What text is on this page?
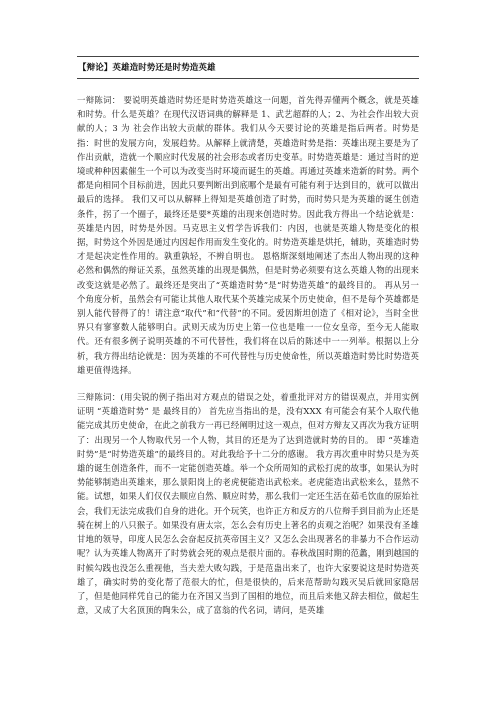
【辩论】英雄造时势还是时势造英雄

一辩陈词： 要说明英雄造时势还是时势造英雄这一问题，首先得弄懂两个概念，就是英雄和时势。什么是英雄？在现代汉语词典的解释是 1、武艺超群的人；2、为社会作出较大贡献的人；3 为 社会作出较大贡献的群体。我们从今天要讨论的英雄是指后两者。时势是指：时世的发展方向，发展趋势。从解释上就清楚，英雄造时势是指：英雄出现主要是为了作出贡献，造就一个顺应时代发展的社会形态或者历史变革。时势造英雄是：通过当时的逆境或种种因素催生一个可以为改变当时环境而诞生的英雄。再通过英雄来造新的时势。两个都是向相同个目标前进，因此只要判断出到底哪个是最有可能有利于达到目的，就可以做出最后的选择。 我们又可以从解释上得知是英雄创造了时势，而时势只是为英雄的诞生创造条件，拐了一个圈子，最终还是要*英雄的出现来创造时势。因此我方得出一个结论就是：英雄是内因，时势是外因。马克思主义哲学告诉我们：内因，也就是英雄人物是变化的根据，时势这个外因是通过内因起作用而发生变化的。时势造英雄是烘托，辅助，英雄造时势才是起决定性作用的。孰重孰轻，不辨自明也。 恩格斯深刻地阐述了杰出人物出现的这种必然和偶然的辩证关系，虽然英雄的出现是偶然，但是时势必须要有这么英雄人物的出现来改变这就是必然了。最终还是突出了“英雄造时势”是“时势造英雄”的最终目的。 再从另一个角度分析，虽然会有可能让其他人取代某个英雄完成某个历史使命，但不是每个英雄都是别人能代替得了的！请注意“取代”和“代替”的不同。爱因斯坦创造了《相对论》，当时全世界只有寥寥数人能够明白。武则天成为历史上第一位也是唯一一位女皇帝，至今无人能取代。还有很多例子说明英雄的不可代替性，我们将在以后的陈述中一一列举。根据以上分析，我方得出结论就是：因为英雄的不可代替性与历史使命性，所以英雄造时势比时势造英雄更值得选择。

三辩陈词：(用尖锐的例子指出对方观点的错误之处，着重批评对方的错误观点，并用实例证明 “英雄造时势” 是 最终目的） 首先应当指出的是，没有XXX 有可能会有某个人取代他能完成其历史使命，在此之前我方一再已经阐明过这一观点，但对方辩友又再次为我方证明了：出现另一个人物取代另一个人物，其目的还是为了达到造就时势的目的。 即 “英雄造时势”是“时势造英雄”的最终目的。对此我给予十二分的感谢。 我方再次重申时势只是为英雄的诞生创造条件，而不一定能创造英雄。举一个众所周知的武松打虎的故事，如果认为时势能够制造出英雄来，那么景阳岗上的老虎便能造出武松来。老虎能造出武松来么，显然不能。试想，如果人们仅仅去顺应自然、顺应时势，那么我们一定还生活在茹毛饮血的原始社会，我们无法完成我们自身的进化。开个玩笑，也许正方和反方的八位辩手到目前为止还是骑在树上的八只猴子。如果没有唐太宗，怎么会有历史上著名的贞观之治呢？如果没有圣雄甘地的领导，印度人民怎么会奋起反抗英帝国主义？又怎么会出现著名的非暴力不合作运动呢？认为英雄人物离开了时势就会死的观点是很片面的。春秋战国时期的范蠡，刚到越国的时候勾践也没怎么重视他，当夫差大败勾践，于是范蛊出来了，也许大家要说这是时势造英雄了，确实时势的变化帮了范很大的忙，但是很快的，后来范帮助勾践灭吴后就回家隐居了，但是他同样凭自己的能力在齐国又当到了国相的地位，而且后来他又辞去相位，做起生意，又成了大名顶顶的陶朱公，成了富翁的代名词，请问，是英雄
